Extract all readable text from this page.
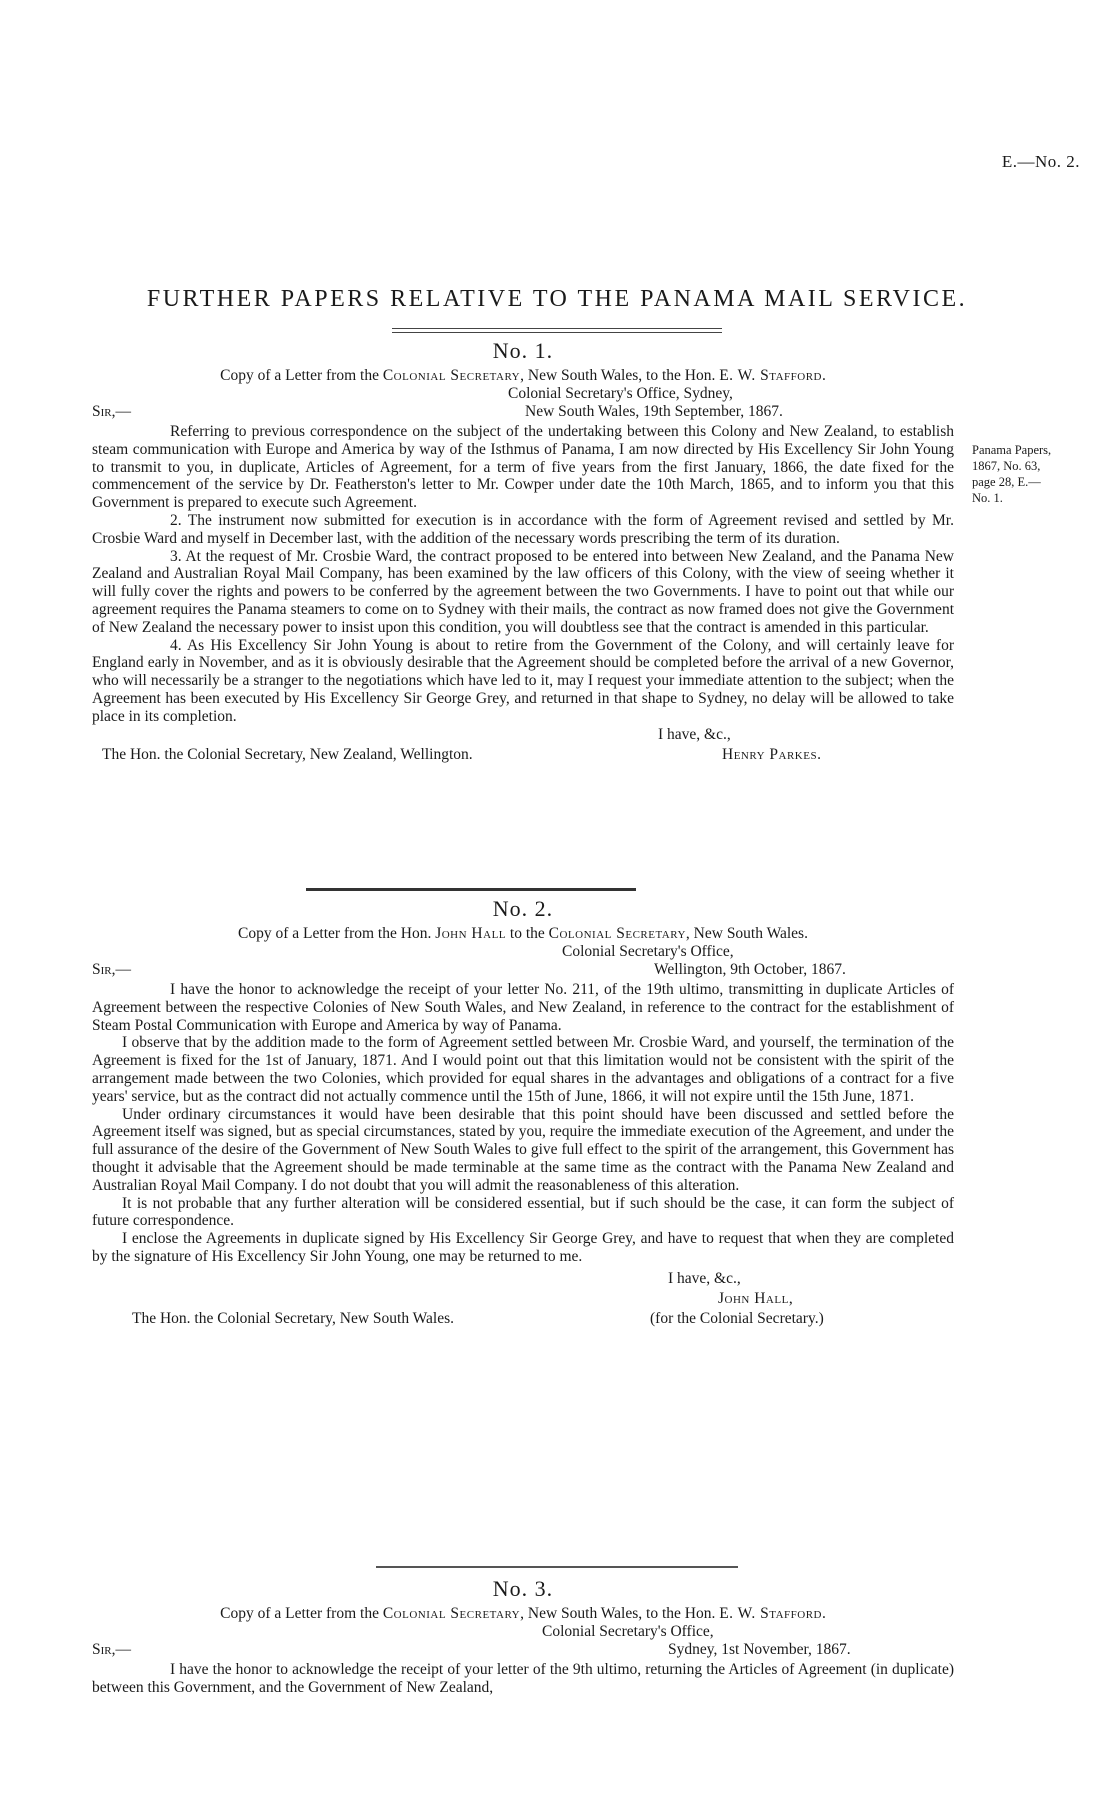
E.—No. 2.
FURTHER PAPERS RELATIVE TO THE PANAMA MAIL SERVICE.

No. 1.

Copy of a Letter from the Colonial Secretary, New South Wales, to the Hon. E. W. Stafford.

Colonial Secretary's Office, Sydney,
Sir,—	New South Wales, 19th September, 1867.

Referring to previous correspondence on the subject of the undertaking between this Colony and New Zealand, to establish steam communication with Europe and America by way of the Isthmus of Panama, I am now directed by His Excellency Sir John Young to transmit to you, in duplicate, Articles of Agreement, for a term of five years from the first January, 1866, the date fixed for the commencement of the service by Dr. Featherston's letter to Mr. Cowper under date the 10th March, 1865, and to inform you that this Government is prepared to execute such Agreement.

2. The instrument now submitted for execution is in accordance with the form of Agreement revised and settled by Mr. Crosbie Ward and myself in December last, with the addition of the necessary words prescribing the term of its duration.

3. At the request of Mr. Crosbie Ward, the contract proposed to be entered into between New Zealand, and the Panama New Zealand and Australian Royal Mail Company, has been examined by the law officers of this Colony, with the view of seeing whether it will fully cover the rights and powers to be conferred by the agreement between the two Governments. I have to point out that while our agreement requires the Panama steamers to come on to Sydney with their mails, the contract as now framed does not give the Government of New Zealand the necessary power to insist upon this condition, you will doubtless see that the contract is amended in this particular.

4. As His Excellency Sir John Young is about to retire from the Government of the Colony, and will certainly leave for England early in November, and as it is obviously desirable that the Agreement should be completed before the arrival of a new Governor, who will necessarily be a stranger to the negotiations which have led to it, may I request your immediate attention to the subject; when the Agreement has been executed by His Excellency Sir George Grey, and returned in that shape to Sydney, no delay will be allowed to take place in its completion.

I have, &c.,
The Hon. the Colonial Secretary, New Zealand, Wellington.	Henry Parkes.
Panama Papers,
1867, No. 63,
page 28, E.—
No. 1.

No. 2.

Copy of a Letter from the Hon. John Hall to the Colonial Secretary, New South Wales.

Colonial Secretary's Office,
Sir,—	Wellington, 9th October, 1867.

I have the honor to acknowledge the receipt of your letter No. 211, of the 19th ultimo, transmitting in duplicate Articles of Agreement between the respective Colonies of New South Wales, and New Zealand, in reference to the contract for the establishment of Steam Postal Communication with Europe and America by way of Panama.

I observe that by the addition made to the form of Agreement settled between Mr. Crosbie Ward, and yourself, the termination of the Agreement is fixed for the 1st of January, 1871. And I would point out that this limitation would not be consistent with the spirit of the arrangement made between the two Colonies, which provided for equal shares in the advantages and obligations of a contract for a five years' service, but as the contract did not actually commence until the 15th of June, 1866, it will not expire until the 15th June, 1871.

Under ordinary circumstances it would have been desirable that this point should have been discussed and settled before the Agreement itself was signed, but as special circumstances, stated by you, require the immediate execution of the Agreement, and under the full assurance of the desire of the Government of New South Wales to give full effect to the spirit of the arrangement, this Government has thought it advisable that the Agreement should be made terminable at the same time as the contract with the Panama New Zealand and Australian Royal Mail Company. I do not doubt that you will admit the reasonableness of this alteration.

It is not probable that any further alteration will be considered essential, but if such should be the case, it can form the subject of future correspondence.

I enclose the Agreements in duplicate signed by His Excellency Sir George Grey, and have to request that when they are completed by the signature of His Excellency Sir John Young, one may be returned to me.

I have, &c.,
John Hall,
The Hon. the Colonial Secretary, New South Wales.	(for the Colonial Secretary.)

No. 3.

Copy of a Letter from the Colonial Secretary, New South Wales, to the Hon. E. W. Stafford.

Colonial Secretary's Office,
Sir,—	Sydney, 1st November, 1867.

I have the honor to acknowledge the receipt of your letter of the 9th ultimo, returning the Articles of Agreement (in duplicate) between this Government, and the Government of New Zealand,
